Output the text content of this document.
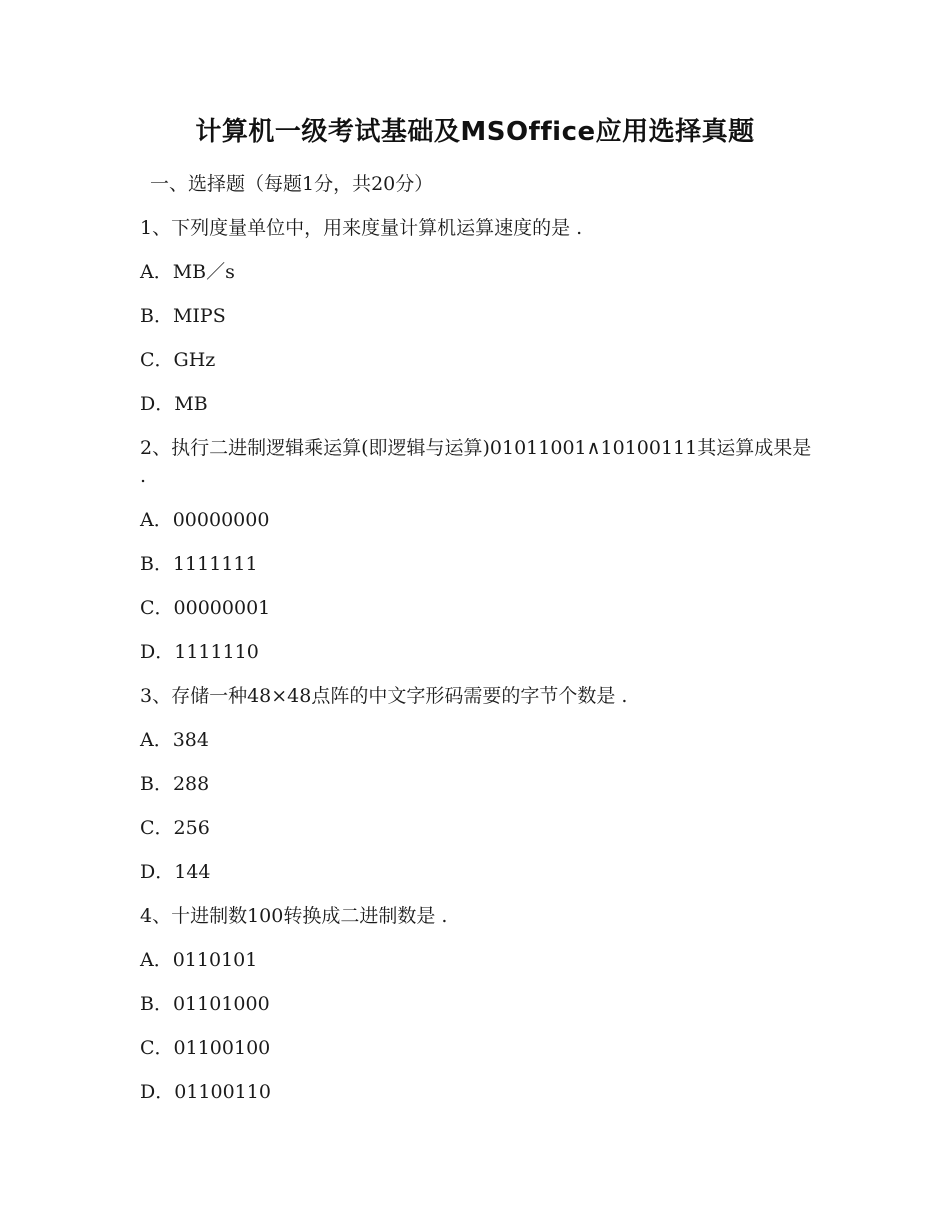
计算机一级考试基础及MSOffice应用选择真题
一、选择题（每题1分，共20分）
1、下列度量单位中，用来度量计算机运算速度的是 .
A．MB／s
B．MIPS
C．GHz
D．MB
2、执行二进制逻辑乘运算(即逻辑与运算)01011001∧10100111其运算成果是 .
A．00000000
B．1111111
C．00000001
D．1111110
3、存储一种48×48点阵的中文字形码需要的字节个数是 .
A．384
B．288
C．256
D．144
4、十进制数100转换成二进制数是 .
A．0110101
B．01101000
C．01100100
D．01100110
